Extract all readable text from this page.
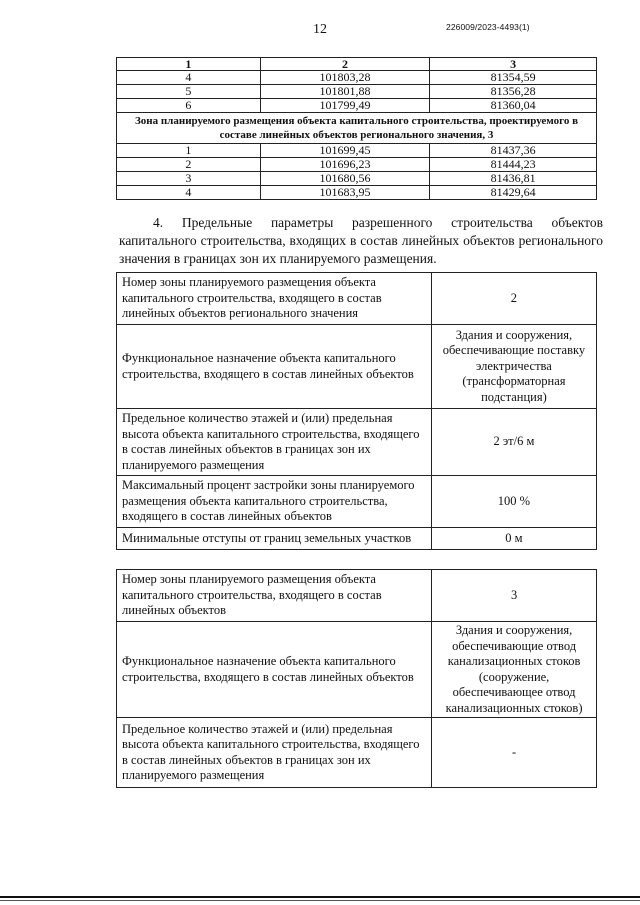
12	226009/2023-4493(1)
1	2	3
4	101803,28	81354,59
5	101801,88	81356,28
6	101799,49	81360,04
Зона планируемого размещения объекта капитального строительства, проектируемого в составе линейных объектов регионального значения, 3		
1	101699,45	81437,36
2	101696,23	81444,23
3	101680,56	81436,81
4	101683,95	81429,64

4. Предельные параметры разрешенного строительства объектов капитального строительства, входящих в состав линейных объектов регионального значения в границах зон их планируемого размещения.

Номер зоны планируемого размещения объекта капитального строительства, входящего в состав линейных объектов регионального значения	2
Функциональное назначение объекта капитального строительства, входящего в состав линейных объектов	Здания и сооружения, обеспечивающие поставку электричества (трансформаторная подстанция)
Предельное количество этажей и (или) предельная высота объекта капитального строительства, входящего в состав линейных объектов в границах зон их планируемого размещения	2 эт/6 м
Максимальный процент застройки зоны планируемого размещения объекта капитального строительства, входящего в состав линейных объектов	100 %
Минимальные отступы от границ земельных участков	0 м
Номер зоны планируемого размещения объекта капитального строительства, входящего в состав линейных объектов	3
Функциональное назначение объекта капитального строительства, входящего в состав линейных объектов	Здания и сооружения, обеспечивающие отвод канализационных стоков (сооружение, обеспечивающее отвод канализационных стоков)
Предельное количество этажей и (или) предельная высота объекта капитального строительства, входящего в состав линейных объектов в границах зон их планируемого размещения	-
